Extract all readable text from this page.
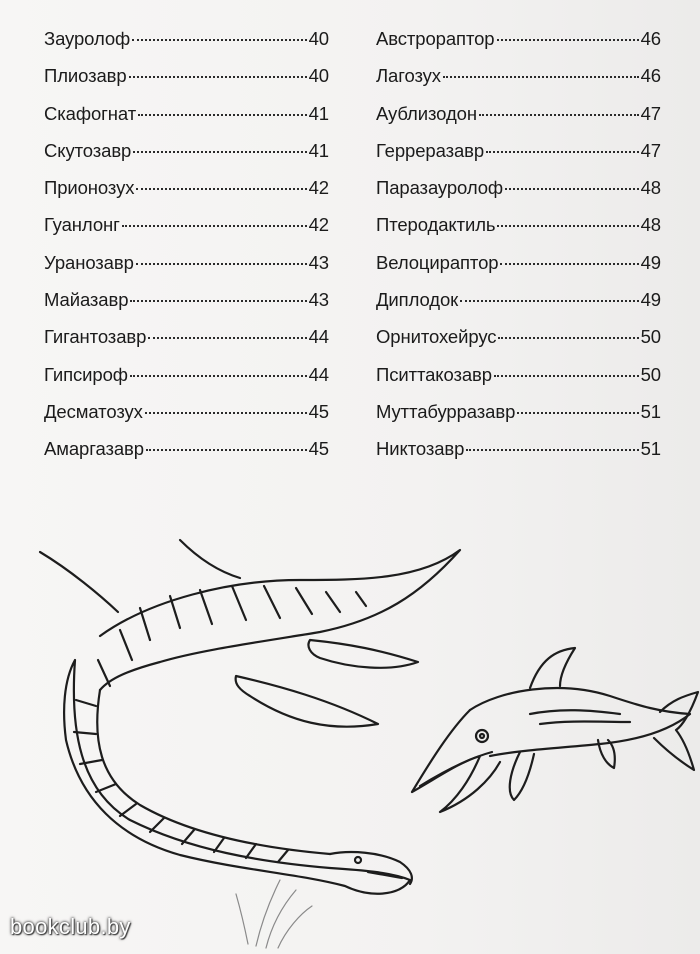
Зауролоф	40
Плиозавр	40
Скафогнат	41
Скутозавр	41
Прионозух	42
Гуанлонг	42
Уранозавр	43
Майазавр	43
Гигантозавр	44
Гипсироф	44
Десматозух	45
Амаргазавр	45
Австрораптор	46
Лагозух	46
Аублизодон	47
Герреразавр	47
Паразауролоф	48
Птеродактиль	48
Велоцираптор	49
Диплодок	49
Орнитохейрус	50
Пситтакозавр	50
Муттабурразавр	51
Никтозавр	51
bookclub.by
